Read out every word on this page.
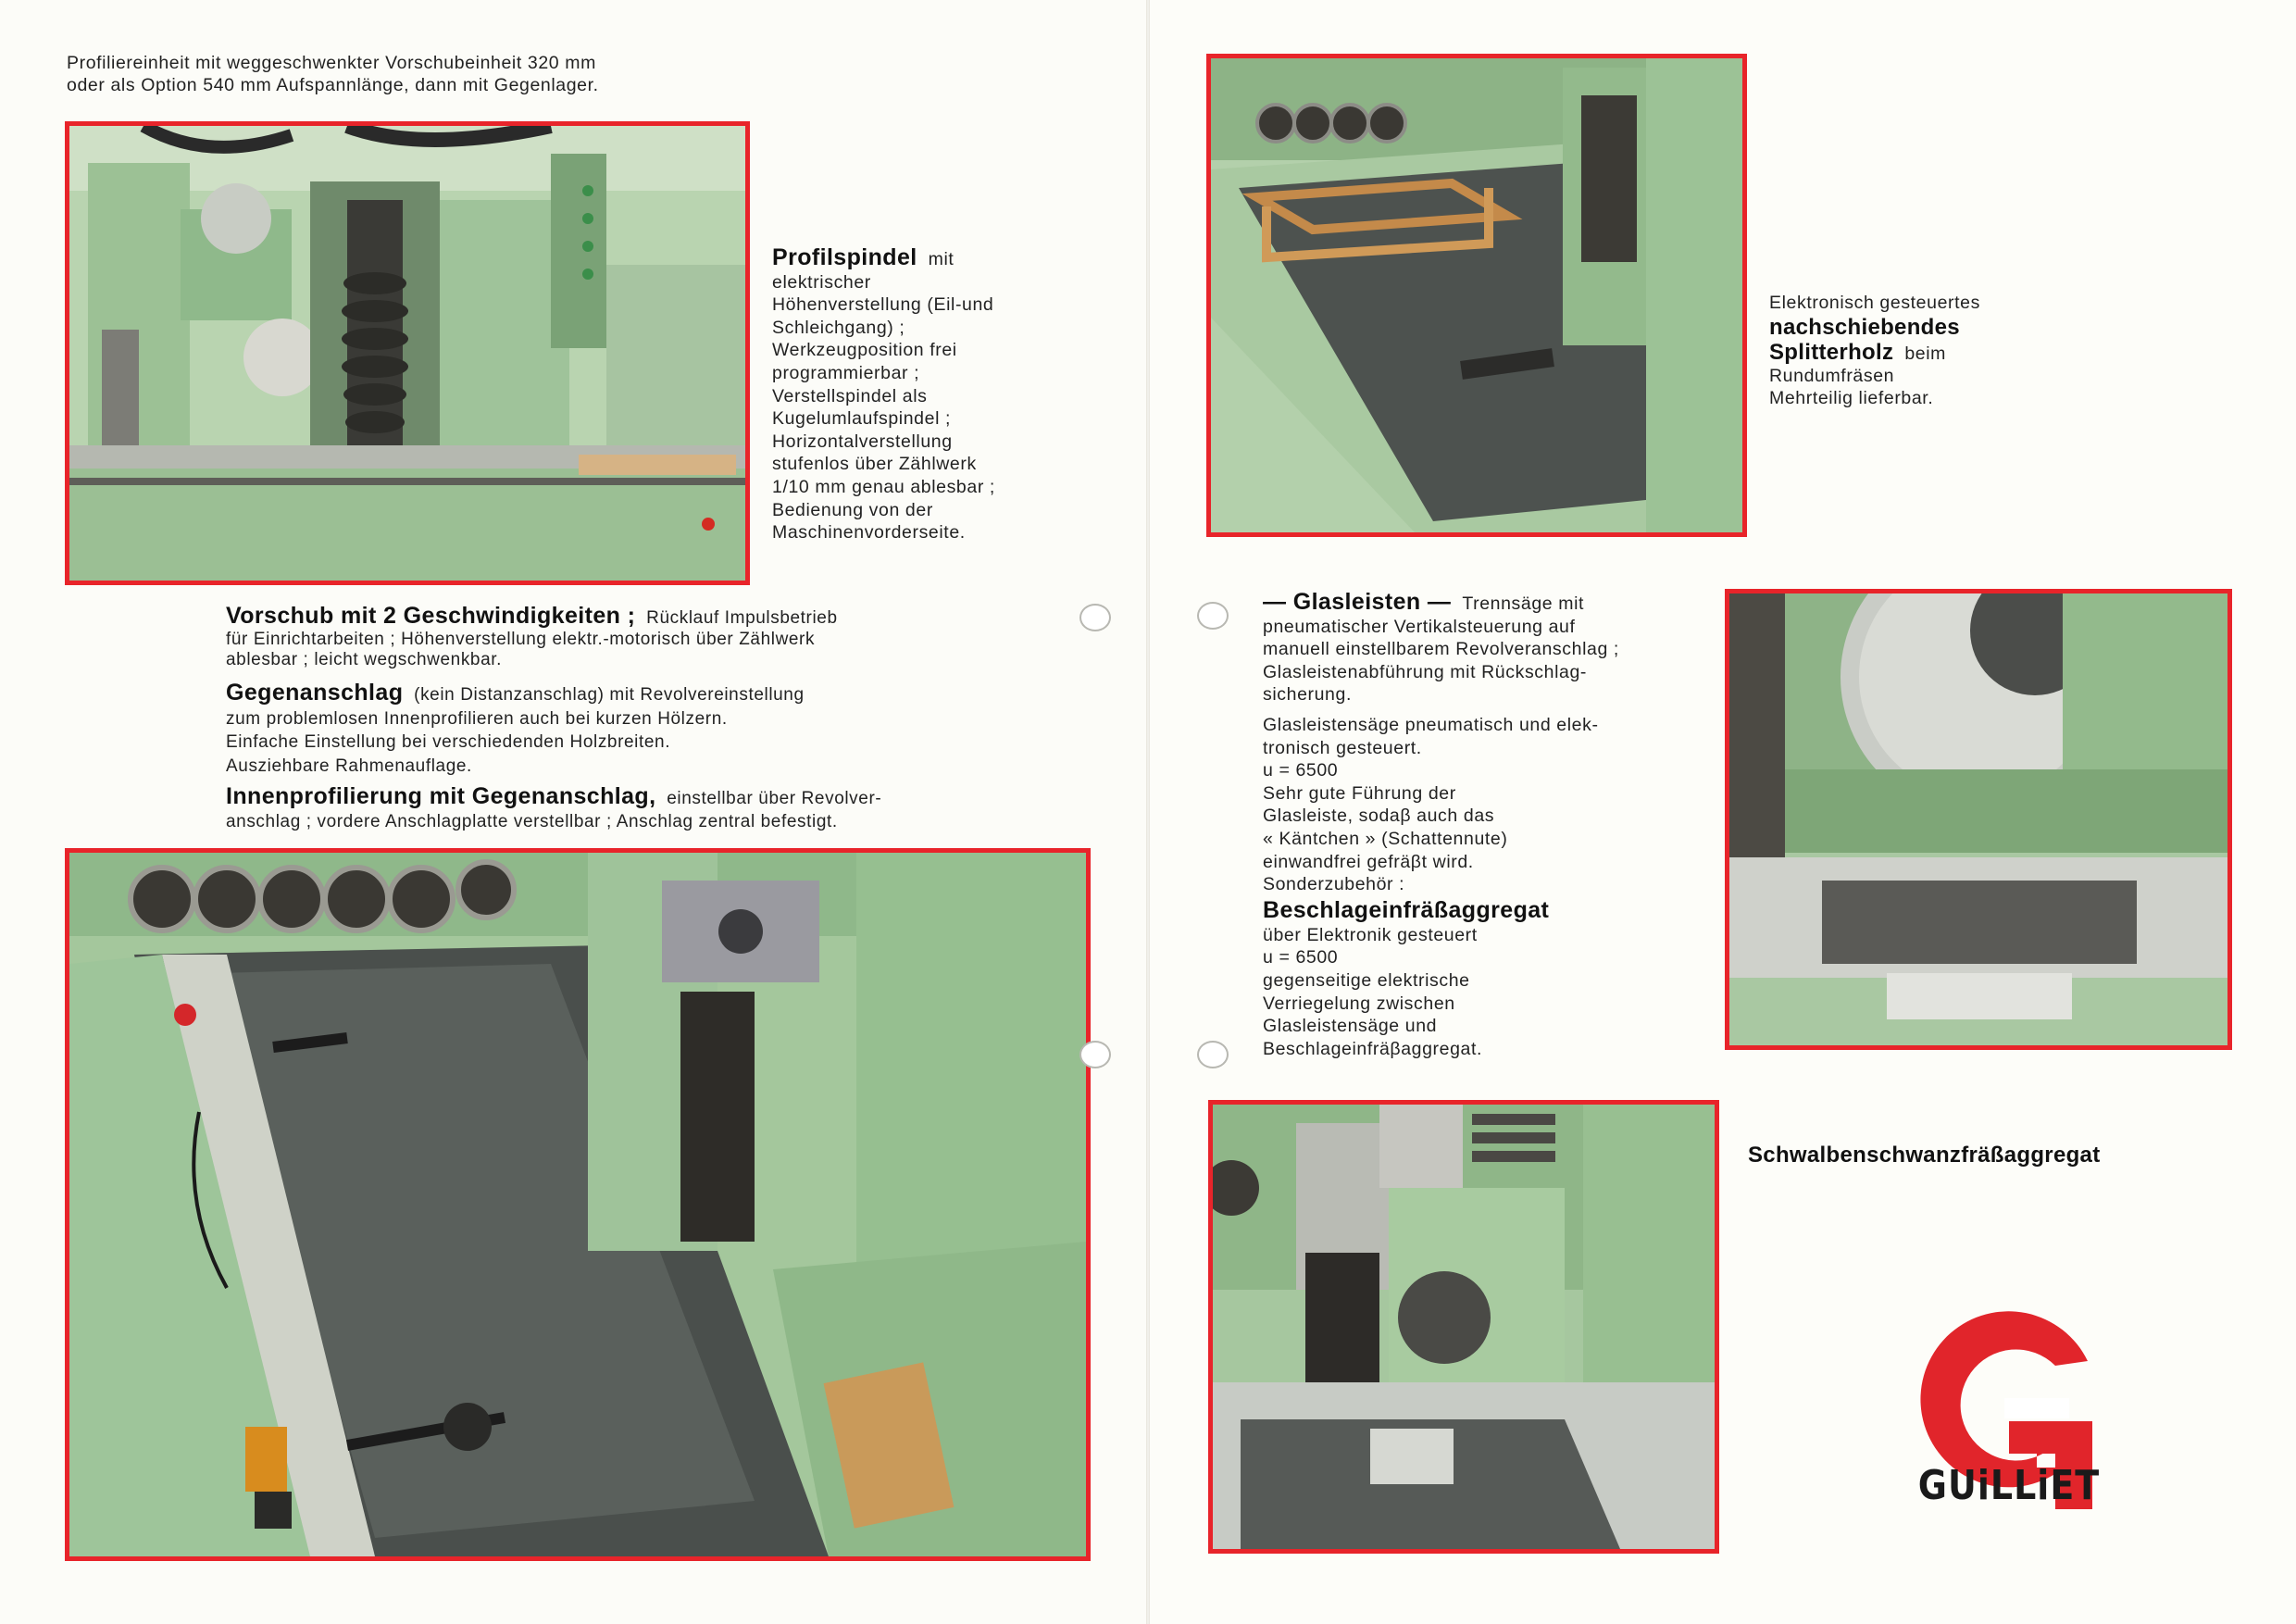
Profiliereinheit mit weggeschwenkter Vorschubeinheit 320 mm
oder als Option 540 mm Aufspannlänge, dann mit Gegenlager.
Profilspindel mit
elektrischer
Höhenverstellung (Eil-und
Schleichgang) ;
Werkzeugposition frei
programmierbar ;
Verstellspindel als
Kugelumlaufspindel ;
Horizontalverstellung
stufenlos über Zählwerk
1/10 mm genau ablesbar ;
Bedienung von der
Maschinenvorderseite.
Vorschub mit 2 Geschwindigkeiten ; Rücklauf Impulsbetrieb
für Einrichtarbeiten ; Höhenverstellung elektr.-motorisch über Zählwerk
ablesbar ; leicht wegschwenkbar.
Gegenanschlag (kein Distanzanschlag) mit Revolvereinstellung
zum problemlosen Innenprofilieren auch bei kurzen Hölzern.
Einfache Einstellung bei verschiedenden Holzbreiten.
Ausziehbare Rahmenauflage.
Innenprofilierung mit Gegenanschlag, einstellbar über Revolver-
anschlag ; vordere Anschlagplatte verstellbar ; Anschlag zentral befestigt.
Elektronisch gesteuertes
nachschiebendes
Splitterholz beim
Rundumfräsen
Mehrteilig lieferbar.
— Glasleisten — Trennsäge mit
pneumatischer Vertikalsteuerung auf
manuell einstellbarem Revolveranschlag ;
Glasleistenabführung mit Rückschlag-
sicherung.
Glasleistensäge pneumatisch und elek-
tronisch gesteuert.
u = 6500
Sehr gute Führung der
Glasleiste, sodaβ auch das
« Käntchen » (Schattennute)
einwandfrei gefräβt wird.
Sonderzubehör :
Beschlageinfräßaggregat
über Elektronik gesteuert
u = 6500
gegenseitige elektrische
Verriegelung zwischen
Glasleistensäge und
Beschlageinfräβaggregat.
Schwalbenschwanzfräßaggregat
GUiLLiET
